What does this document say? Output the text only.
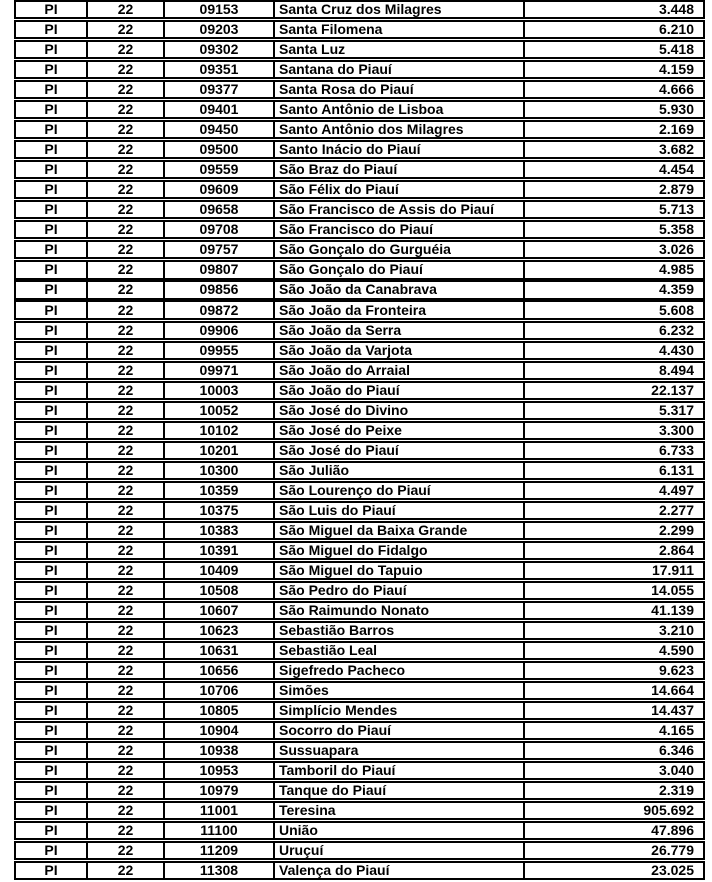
PI	22	09153	Santa Cruz dos Milagres	3.448
PI	22	09203	Santa Filomena	6.210
PI	22	09302	Santa Luz	5.418
PI	22	09351	Santana do Piauí	4.159
PI	22	09377	Santa Rosa do Piauí	4.666
PI	22	09401	Santo Antônio de Lisboa	5.930
PI	22	09450	Santo Antônio dos Milagres	2.169
PI	22	09500	Santo Inácio do Piauí	3.682
PI	22	09559	São Braz do Piauí	4.454
PI	22	09609	São Félix do Piauí	2.879
PI	22	09658	São Francisco de Assis do Piauí	5.713
PI	22	09708	São Francisco do Piauí	5.358
PI	22	09757	São Gonçalo do Gurguéia	3.026
PI	22	09807	São Gonçalo do Piauí	4.985
PI	22	09856	São João da Canabrava	4.359
PI	22	09872	São João da Fronteira	5.608
PI	22	09906	São João da Serra	6.232
PI	22	09955	São João da Varjota	4.430
PI	22	09971	São João do Arraial	8.494
PI	22	10003	São João do Piauí	22.137
PI	22	10052	São José do Divino	5.317
PI	22	10102	São José do Peixe	3.300
PI	22	10201	São José do Piauí	6.733
PI	22	10300	São Julião	6.131
PI	22	10359	São Lourenço do Piauí	4.497
PI	22	10375	São Luis do Piauí	2.277
PI	22	10383	São Miguel da Baixa Grande	2.299
PI	22	10391	São Miguel do Fidalgo	2.864
PI	22	10409	São Miguel do Tapuio	17.911
PI	22	10508	São Pedro do Piauí	14.055
PI	22	10607	São Raimundo Nonato	41.139
PI	22	10623	Sebastião Barros	3.210
PI	22	10631	Sebastião Leal	4.590
PI	22	10656	Sigefredo Pacheco	9.623
PI	22	10706	Simões	14.664
PI	22	10805	Simplício Mendes	14.437
PI	22	10904	Socorro do Piauí	4.165
PI	22	10938	Sussuapara	6.346
PI	22	10953	Tamboril do Piauí	3.040
PI	22	10979	Tanque do Piauí	2.319
PI	22	11001	Teresina	905.692
PI	22	11100	União	47.896
PI	22	11209	Uruçuí	26.779
PI	22	11308	Valença do Piauí	23.025
